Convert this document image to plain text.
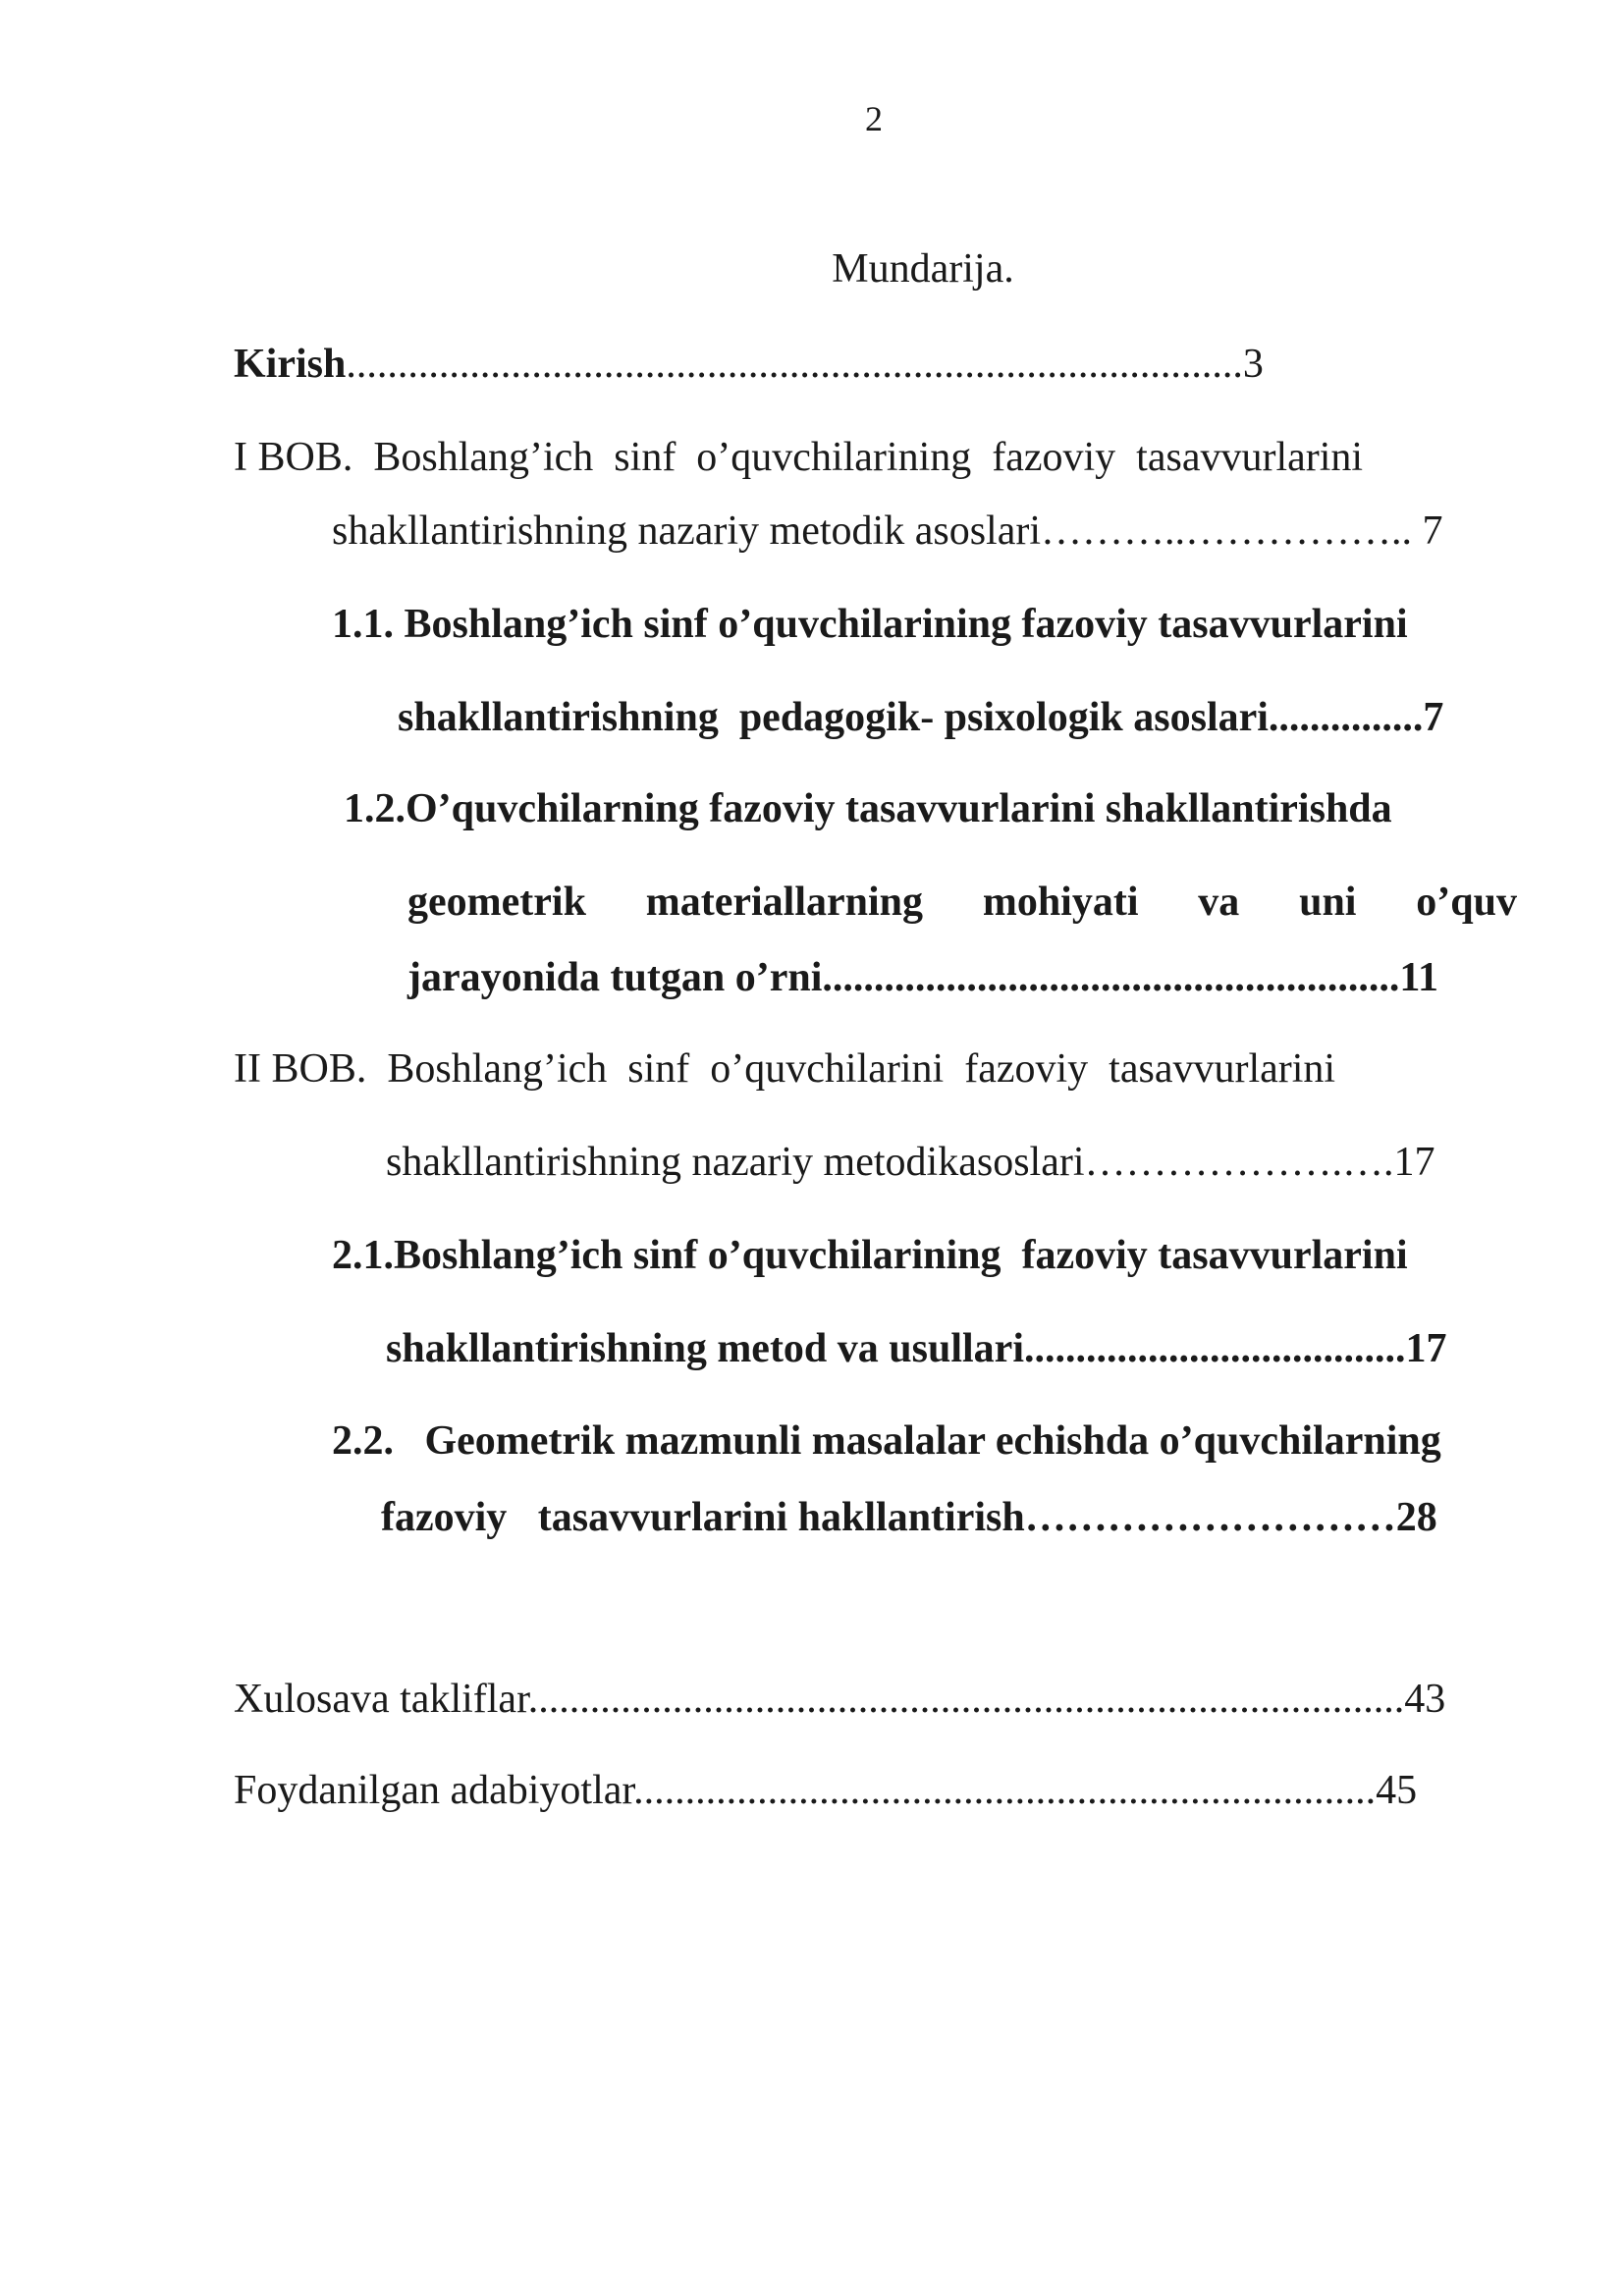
2
Mundarija.
Kirish.......................................................................................3
I BOB.  Boshlang’ich  sinf  o’quvchilarining  fazoviy  tasavvurlarini
shakllantirishning nazariy metodik asoslari………..…………….. 7
1.1. Boshlang’ich sinf o’quvchilarining fazoviy tasavvurlarini
shakllantirishning  pedagogik- psixologik asoslari...............7
1.2.O’quvchilarning fazoviy tasavvurlarini shakllantirishda
geometrik materiallarning mohiyati va uni o’quv
jarayonida tutgan o’rni........................................................11
II BOB.  Boshlang’ich  sinf  o’quvchilarini  fazoviy  tasavvurlarini
shakllantirishning nazariy metodikasoslari……………….….17
2.1.Boshlang’ich sinf o’quvchilarining  fazoviy tasavvurlarini
shakllantirishning metod va usullari.....................................17
2.2.   Geometrik mazmunli masalalar echishda o’quvchilarning
fazoviy   tasavvurlarini hakllantirish………………………28
Xulosava takliflar.....................................................................................43
Foydanilgan adabiyotlar........................................................................45
